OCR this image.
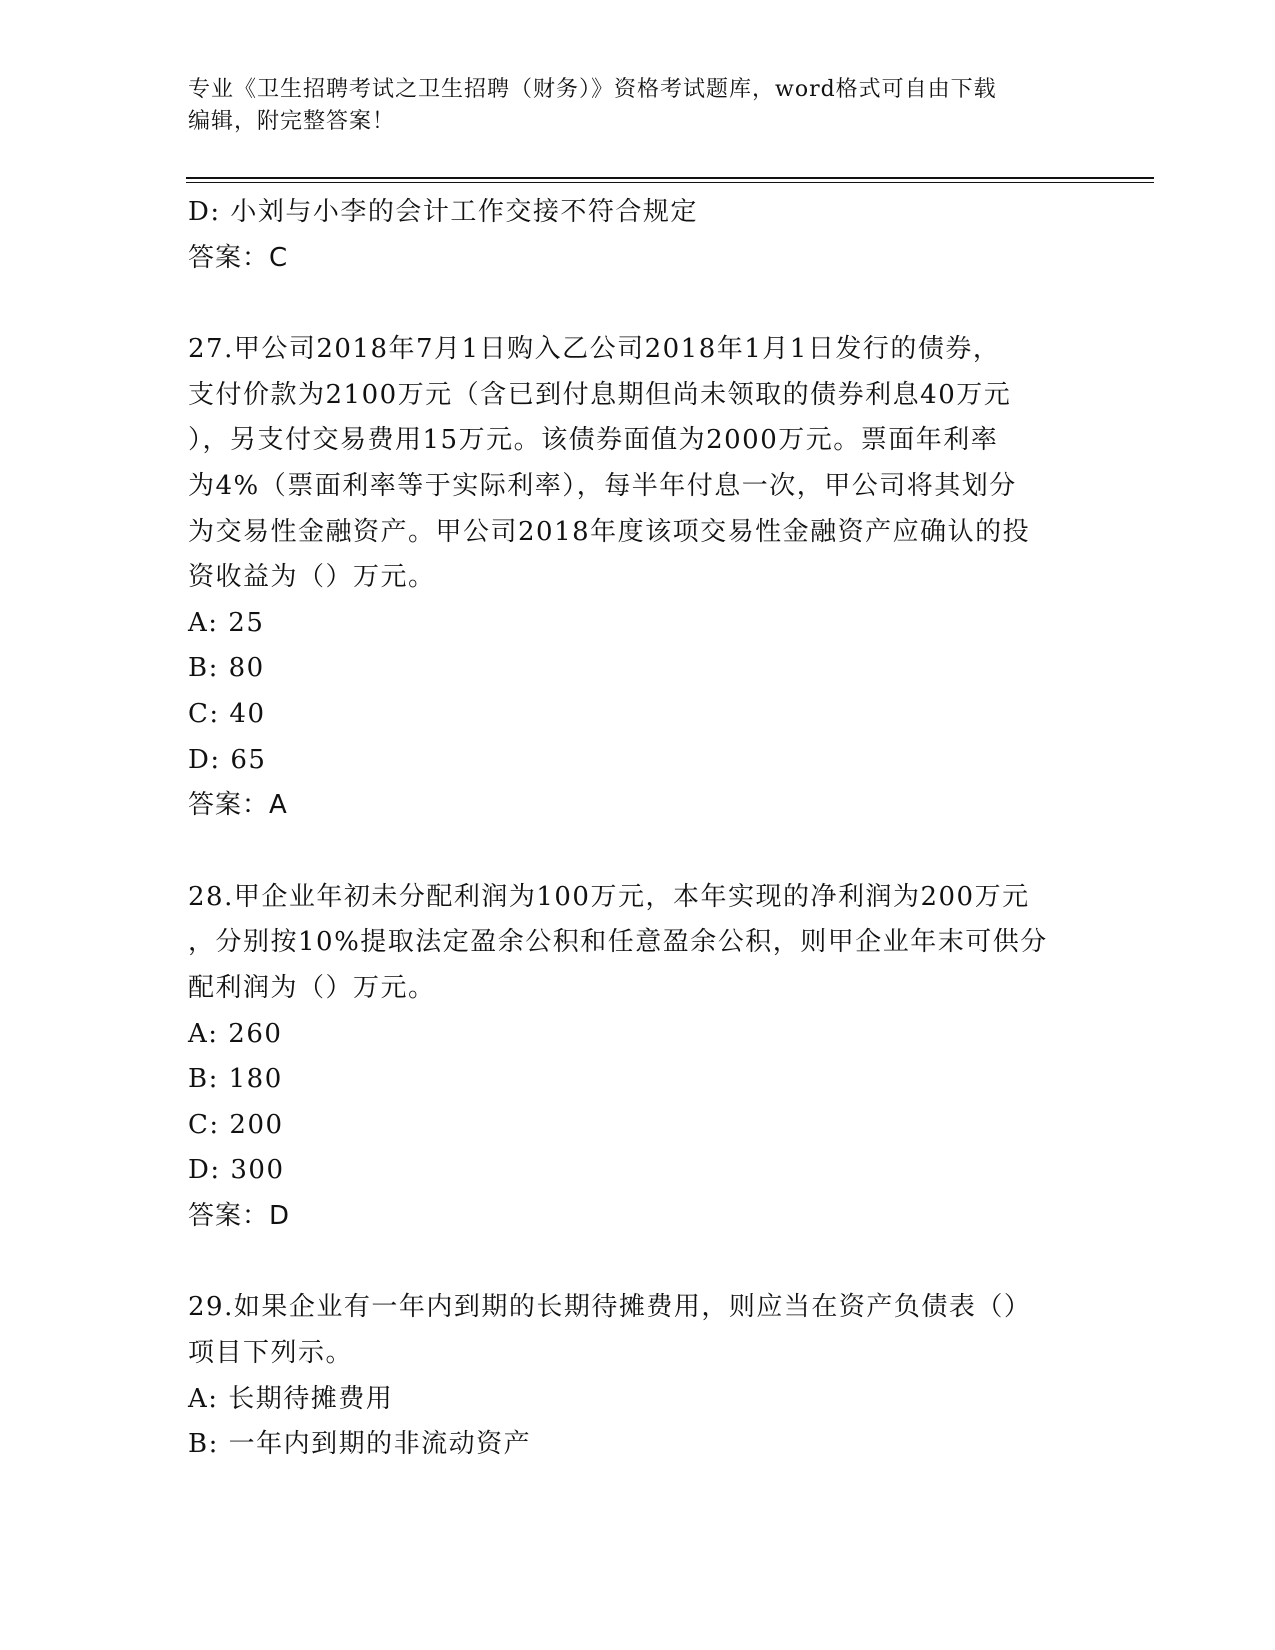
专业《卫生招聘考试之卫生招聘（财务）》资格考试题库，word格式可自由下载
编辑，附完整答案！
D: 小刘与小李的会计工作交接不符合规定
答案：C
27.甲公司2018年7月1日购入乙公司2018年1月1日发行的债券，
支付价款为2100万元（含已到付息期但尚未领取的债券利息40万元
），另支付交易费用15万元。该债券面值为2000万元。票面年利率
为4%（票面利率等于实际利率），每半年付息一次，甲公司将其划分
为交易性金融资产。甲公司2018年度该项交易性金融资产应确认的投
资收益为（）万元。
A: 25
B: 80
C: 40
D: 65
答案：A
28.甲企业年初未分配利润为100万元，本年实现的净利润为200万元
，分别按10%提取法定盈余公积和任意盈余公积，则甲企业年末可供分
配利润为（）万元。
A: 260
B: 180
C: 200
D: 300
答案：D
29.如果企业有一年内到期的长期待摊费用，则应当在资产负债表（）
项目下列示。
A: 长期待摊费用
B: 一年内到期的非流动资产
